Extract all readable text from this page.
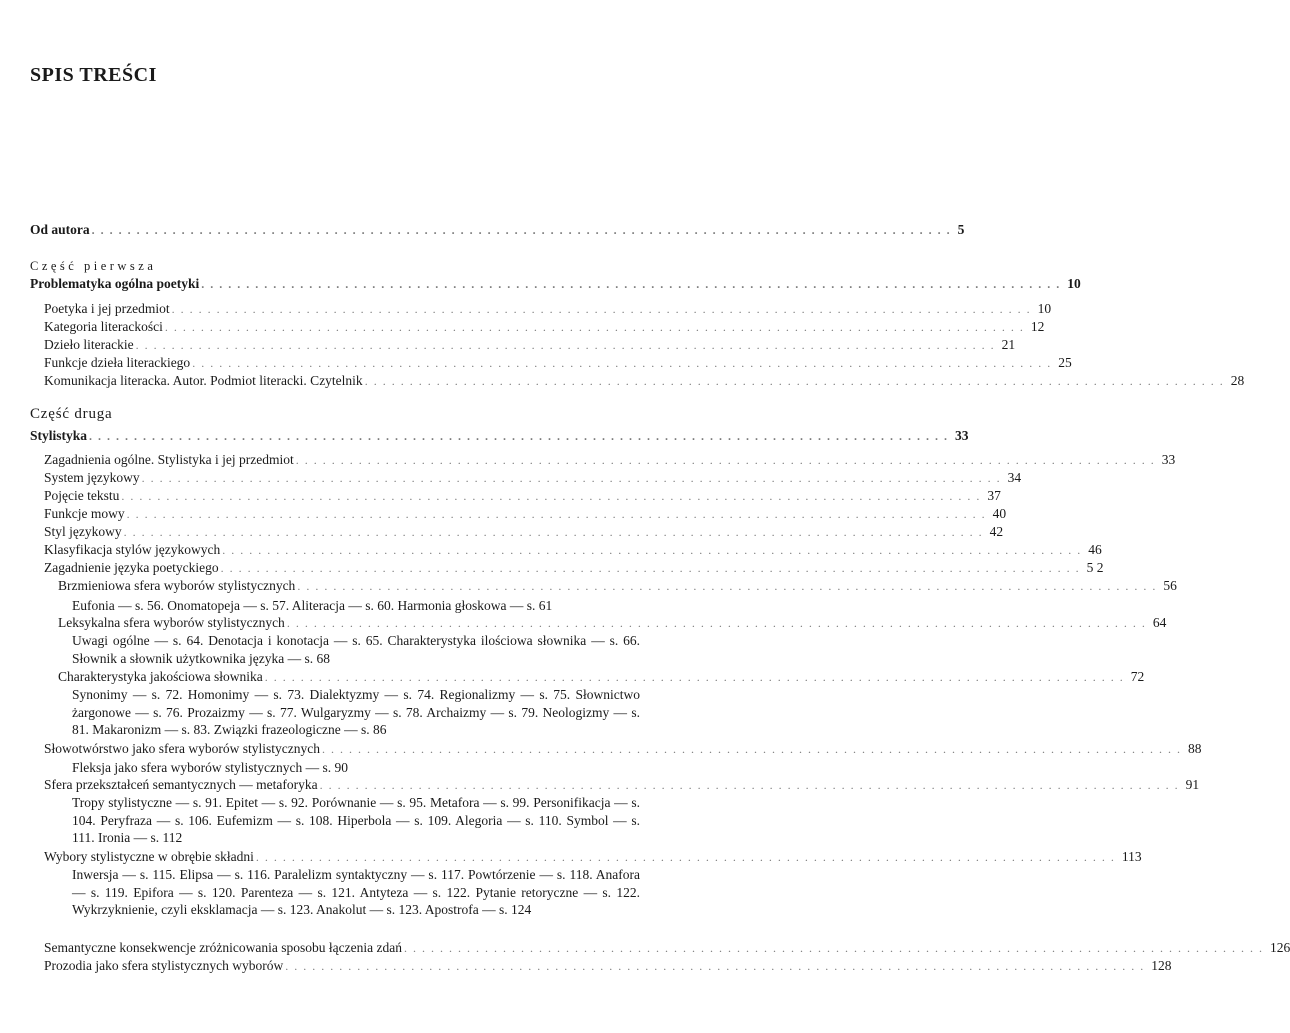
SPIS TREŚCI
Od autora ................................................................................................ 5
Część pierwsza
Problematyka ogólna poetyki ................................................................................................ 10
Poetyka i jej przedmiot ................................................................................................ 10
Kategoria literackości ................................................................................................ 12
Dzieło literackie ................................................................................................ 21
Funkcje dzieła literackiego ................................................................................................ 25
Komunikacja literacka. Autor. Podmiot literacki. Czytelnik ................................................................................................ 28
Część druga
Stylistyka ................................................................................................ 33
Zagadnienia ogólne. Stylistyka i jej przedmiot ................................................................................................ 33
System językowy ................................................................................................ 34
Pojęcie tekstu ................................................................................................ 37
Funkcje mowy ................................................................................................ 40
Styl językowy ................................................................................................ 42
Klasyfikacja stylów językowych ................................................................................................ 46
Zagadnienie języka poetyckiego ................................................................................................ 5 2
Brzmieniowa sfera wyborów stylistycznych ................................................................................................ 56
Eufonia — s. 56. Onomatopeja — s. 57. Aliteracja — s. 60. Harmonia głoskowa — s. 61
Leksykalna sfera wyborów stylistycznych ................................................................................................ 64
Uwagi ogólne — s. 64. Denotacja i konotacja — s. 65. Charakterystyka ilościowa słownika — s. 66. Słownik a słownik użytkownika języka — s. 68
Charakterystyka jakościowa słownika ................................................................................................ 72
Synonimy — s. 72. Homonimy — s. 73. Dialektyzmy — s. 74. Regionalizmy — s. 75. Słownictwo żargonowe — s. 76. Prozaizmy — s. 77. Wulgaryzmy — s. 78. Archaizmy — s. 79. Neologizmy — s. 81. Makaronizm — s. 83. Związki frazeologiczne — s. 86
Słowotwórstwo jako sfera wyborów stylistycznych ................................................................................................ 88
Fleksja jako sfera wyborów stylistycznych — s. 90
Sfera przekształceń semantycznych — metaforyka ................................................................................................ 91
Tropy stylistyczne — s. 91. Epitet — s. 92. Porównanie — s. 95. Metafora — s. 99. Personifikacja — s. 104. Peryfraza — s. 106. Eufemizm — s. 108. Hiperbola — s. 109. Alegoria — s. 110. Symbol — s. 111. Ironia — s. 112
Wybory stylistyczne w obrębie składni ................................................................................................ 113
Inwersja — s. 115. Elipsa — s. 116. Paralelizm syntaktyczny — s. 117. Powtórzenie — s. 118. Anafora — s. 119. Epifora — s. 120. Parenteza — s. 121. Antyteza — s. 122. Pytanie retoryczne — s. 122. Wykrzyknienie, czyli eksklamacja — s. 123. Anakolut — s. 123. Apostrofa — s. 124
Semantyczne konsekwencje zróżnicowania sposobu łączenia zdań ................................................................................................ 126
Prozodia jako sfera stylistycznych wyborów ................................................................................................ 128
